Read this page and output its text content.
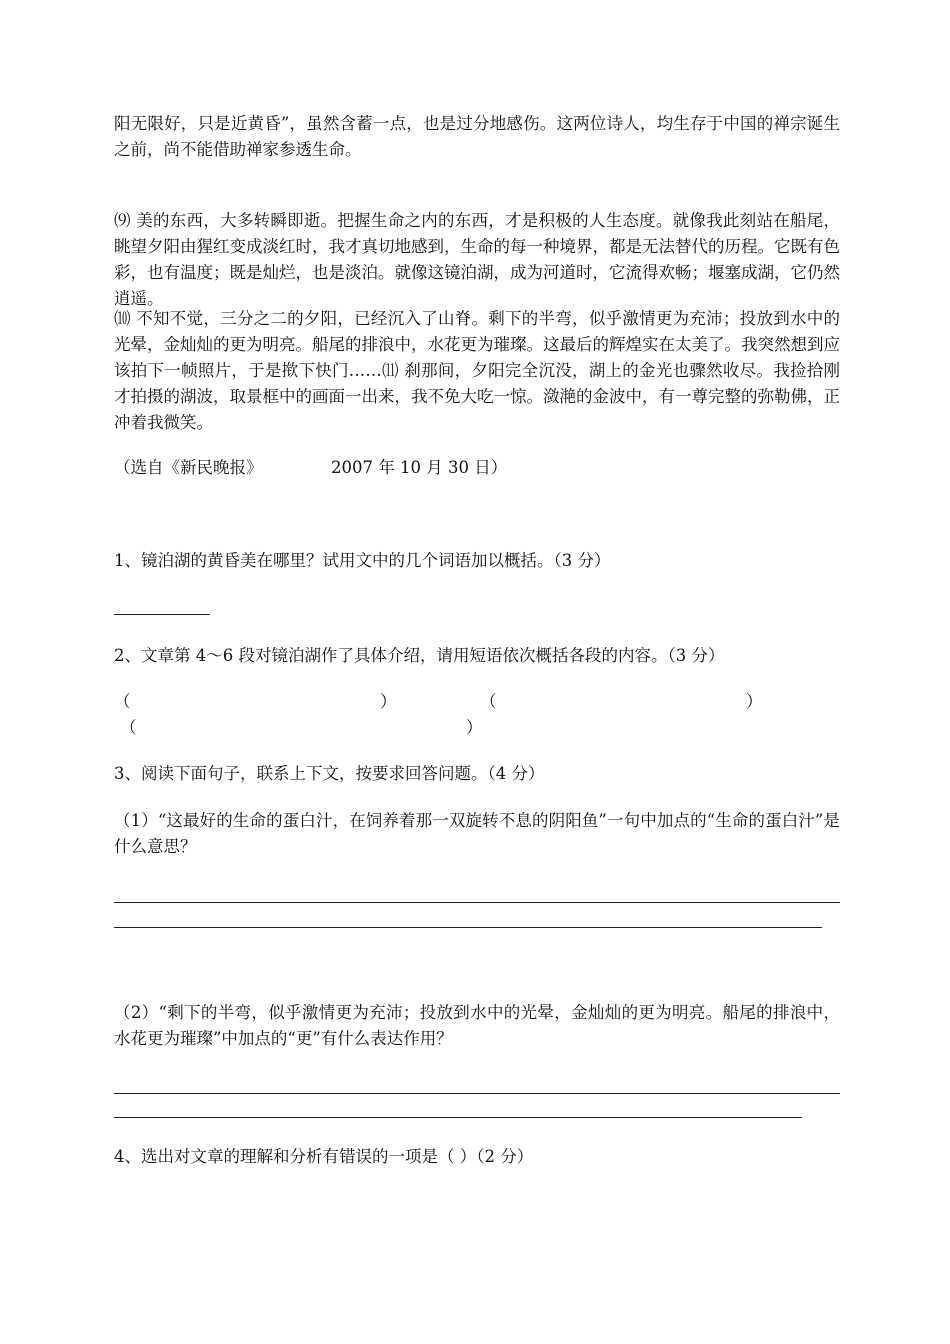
阳无限好，只是近黄昏”，虽然含蓄一点，也是过分地感伤。这两位诗人，均生存于中国的禅宗诞生之前，尚不能借助禅家参透生命。

⑼ 美的东西，大多转瞬即逝。把握生命之内的东西，才是积极的人生态度。就像我此刻站在船尾，眺望夕阳由猩红变成淡红时，我才真切地感到，生命的每一种境界，都是无法替代的历程。它既有色彩，也有温度；既是灿烂，也是淡泊。就像这镜泊湖，成为河道时，它流得欢畅；堰塞成湖，它仍然逍遥。

⑽ 不知不觉，三分之二的夕阳，已经沉入了山脊。剩下的半弯，似乎激情更为充沛；投放到水中的光晕，金灿灿的更为明亮。船尾的排浪中，水花更为璀璨。这最后的辉煌实在太美了。我突然想到应该拍下一帧照片，于是揿下快门……⑾ 刹那间，夕阳完全沉没，湖上的金光也骤然收尽。我捡拾刚才拍摄的湖波，取景框中的画面一出来，我不免大吃一惊。潋滟的金波中，有一尊完整的弥勒佛，正冲着我微笑。

（选自《新民晚报》	2007 年 10 月 30 日）

1、镜泊湖的黄昏美在哪里？试用文中的几个词语加以概括。（3 分）

2、文章第 4～6 段对镜泊湖作了具体介绍，请用短语依次概括各段的内容。（3 分）

（	）	（	）
（	）

3、阅读下面句子，联系上下文，按要求回答问题。（4 分）

（1）“这最好的生命的蛋白汁，在饲养着那一双旋转不息的阴阳鱼”一句中加点的“生命的蛋白汁”是什么意思？

（2）“剩下的半弯，似乎激情更为充沛；投放到水中的光晕，金灿灿的更为明亮。船尾的排浪中，水花更为璀璨”中加点的“更”有什么表达作用？

4、选出对文章的理解和分析有错误的一项是（ ）（2 分）
